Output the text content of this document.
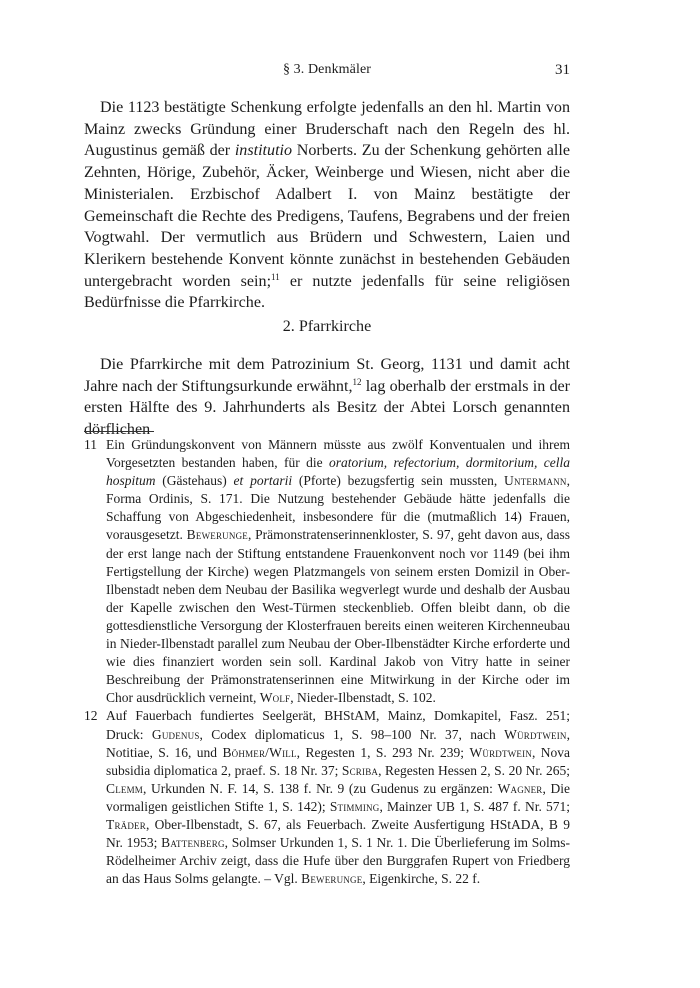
§ 3. Denkmäler	31

Die 1123 bestätigte Schenkung erfolgte jedenfalls an den hl. Martin von Mainz zwecks Gründung einer Bruderschaft nach den Regeln des hl. Augustinus gemäß der institutio Norberts. Zu der Schenkung gehörten alle Zehnten, Hörige, Zubehör, Äcker, Weinberge und Wiesen, nicht aber die Ministerialen. Erzbischof Adalbert I. von Mainz bestätigte der Gemeinschaft die Rechte des Predigens, Taufens, Begrabens und der freien Vogtwahl. Der vermutlich aus Brüdern und Schwestern, Laien und Klerikern bestehende Konvent könnte zunächst in bestehenden Gebäuden untergebracht worden sein;$^{11}$ er nutzte jedenfalls für seine religiösen Bedürfnisse die Pfarrkirche.

2. Pfarrkirche

Die Pfarrkirche mit dem Patrozinium St. Georg, 1131 und damit acht Jahre nach der Stiftungsurkunde erwähnt,$^{12}$ lag oberhalb der erstmals in der ersten Hälfte des 9. Jahrhunderts als Besitz der Abtei Lorsch genannten dörflichen

11 Ein Gründungskonvent von Männern müsste aus zwölf Konventualen und ihrem Vorgesetzten bestanden haben, für die oratorium, refectorium, dormitorium, cella hospitum (Gästehaus) et portarii (Pforte) bezugsfertig sein mussten, Untermann, Forma Ordinis, S. 171. Die Nutzung bestehender Gebäude hätte jedenfalls die Schaffung von Abgeschiedenheit, insbesondere für die (mutmaßlich 14) Frauen, vorausgesetzt. Bewerunge, Prämonstratenserinnenkloster, S. 97, geht davon aus, dass der erst lange nach der Stiftung entstandene Frauenkonvent noch vor 1149 (bei ihm Fertigstellung der Kirche) wegen Platzmangels von seinem ersten Domizil in Ober-Ilbenstadt neben dem Neubau der Basilika wegverlegt wurde und deshalb der Ausbau der Kapelle zwischen den West-Türmen steckenblieb. Offen bleibt dann, ob die gottesdienstliche Versorgung der Klosterfrauen bereits einen weiteren Kirchenneubau in Nieder-Ilbenstadt parallel zum Neubau der Ober-Ilbenstädter Kirche erforderte und wie dies finanziert worden sein soll. Kardinal Jakob von Vitry hatte in seiner Beschreibung der Prämonstratenserinnen eine Mitwirkung in der Kirche oder im Chor ausdrücklich verneint, Wolf, Nieder-Ilbenstadt, S. 102.
12 Auf Fauerbach fundiertes Seelgerät, BHStAM, Mainz, Domkapitel, Fasz. 251; Druck: Gudenus, Codex diplomaticus 1, S. 98–100 Nr. 37, nach Würdtwein, Notitiae, S. 16, und Böhmer/Will, Regesten 1, S. 293 Nr. 239; Würdtwein, Nova subsidia diplomatica 2, praef. S. 18 Nr. 37; Scriba, Regesten Hessen 2, S. 20 Nr. 265; Clemm, Urkunden N. F. 14, S. 138 f. Nr. 9 (zu Gudenus zu ergänzen: Wagner, Die vormaligen geistlichen Stifte 1, S. 142); Stimming, Mainzer UB 1, S. 487 f. Nr. 571; Träder, Ober-Ilbenstadt, S. 67, als Feuerbach. Zweite Ausfertigung HStADA, B 9 Nr. 1953; Battenberg, Solmser Urkunden 1, S. 1 Nr. 1. Die Überlieferung im Solms-Rödelheimer Archiv zeigt, dass die Hufe über den Burggrafen Rupert von Friedberg an das Haus Solms gelangte. – Vgl. Bewerunge, Eigenkirche, S. 22 f.
